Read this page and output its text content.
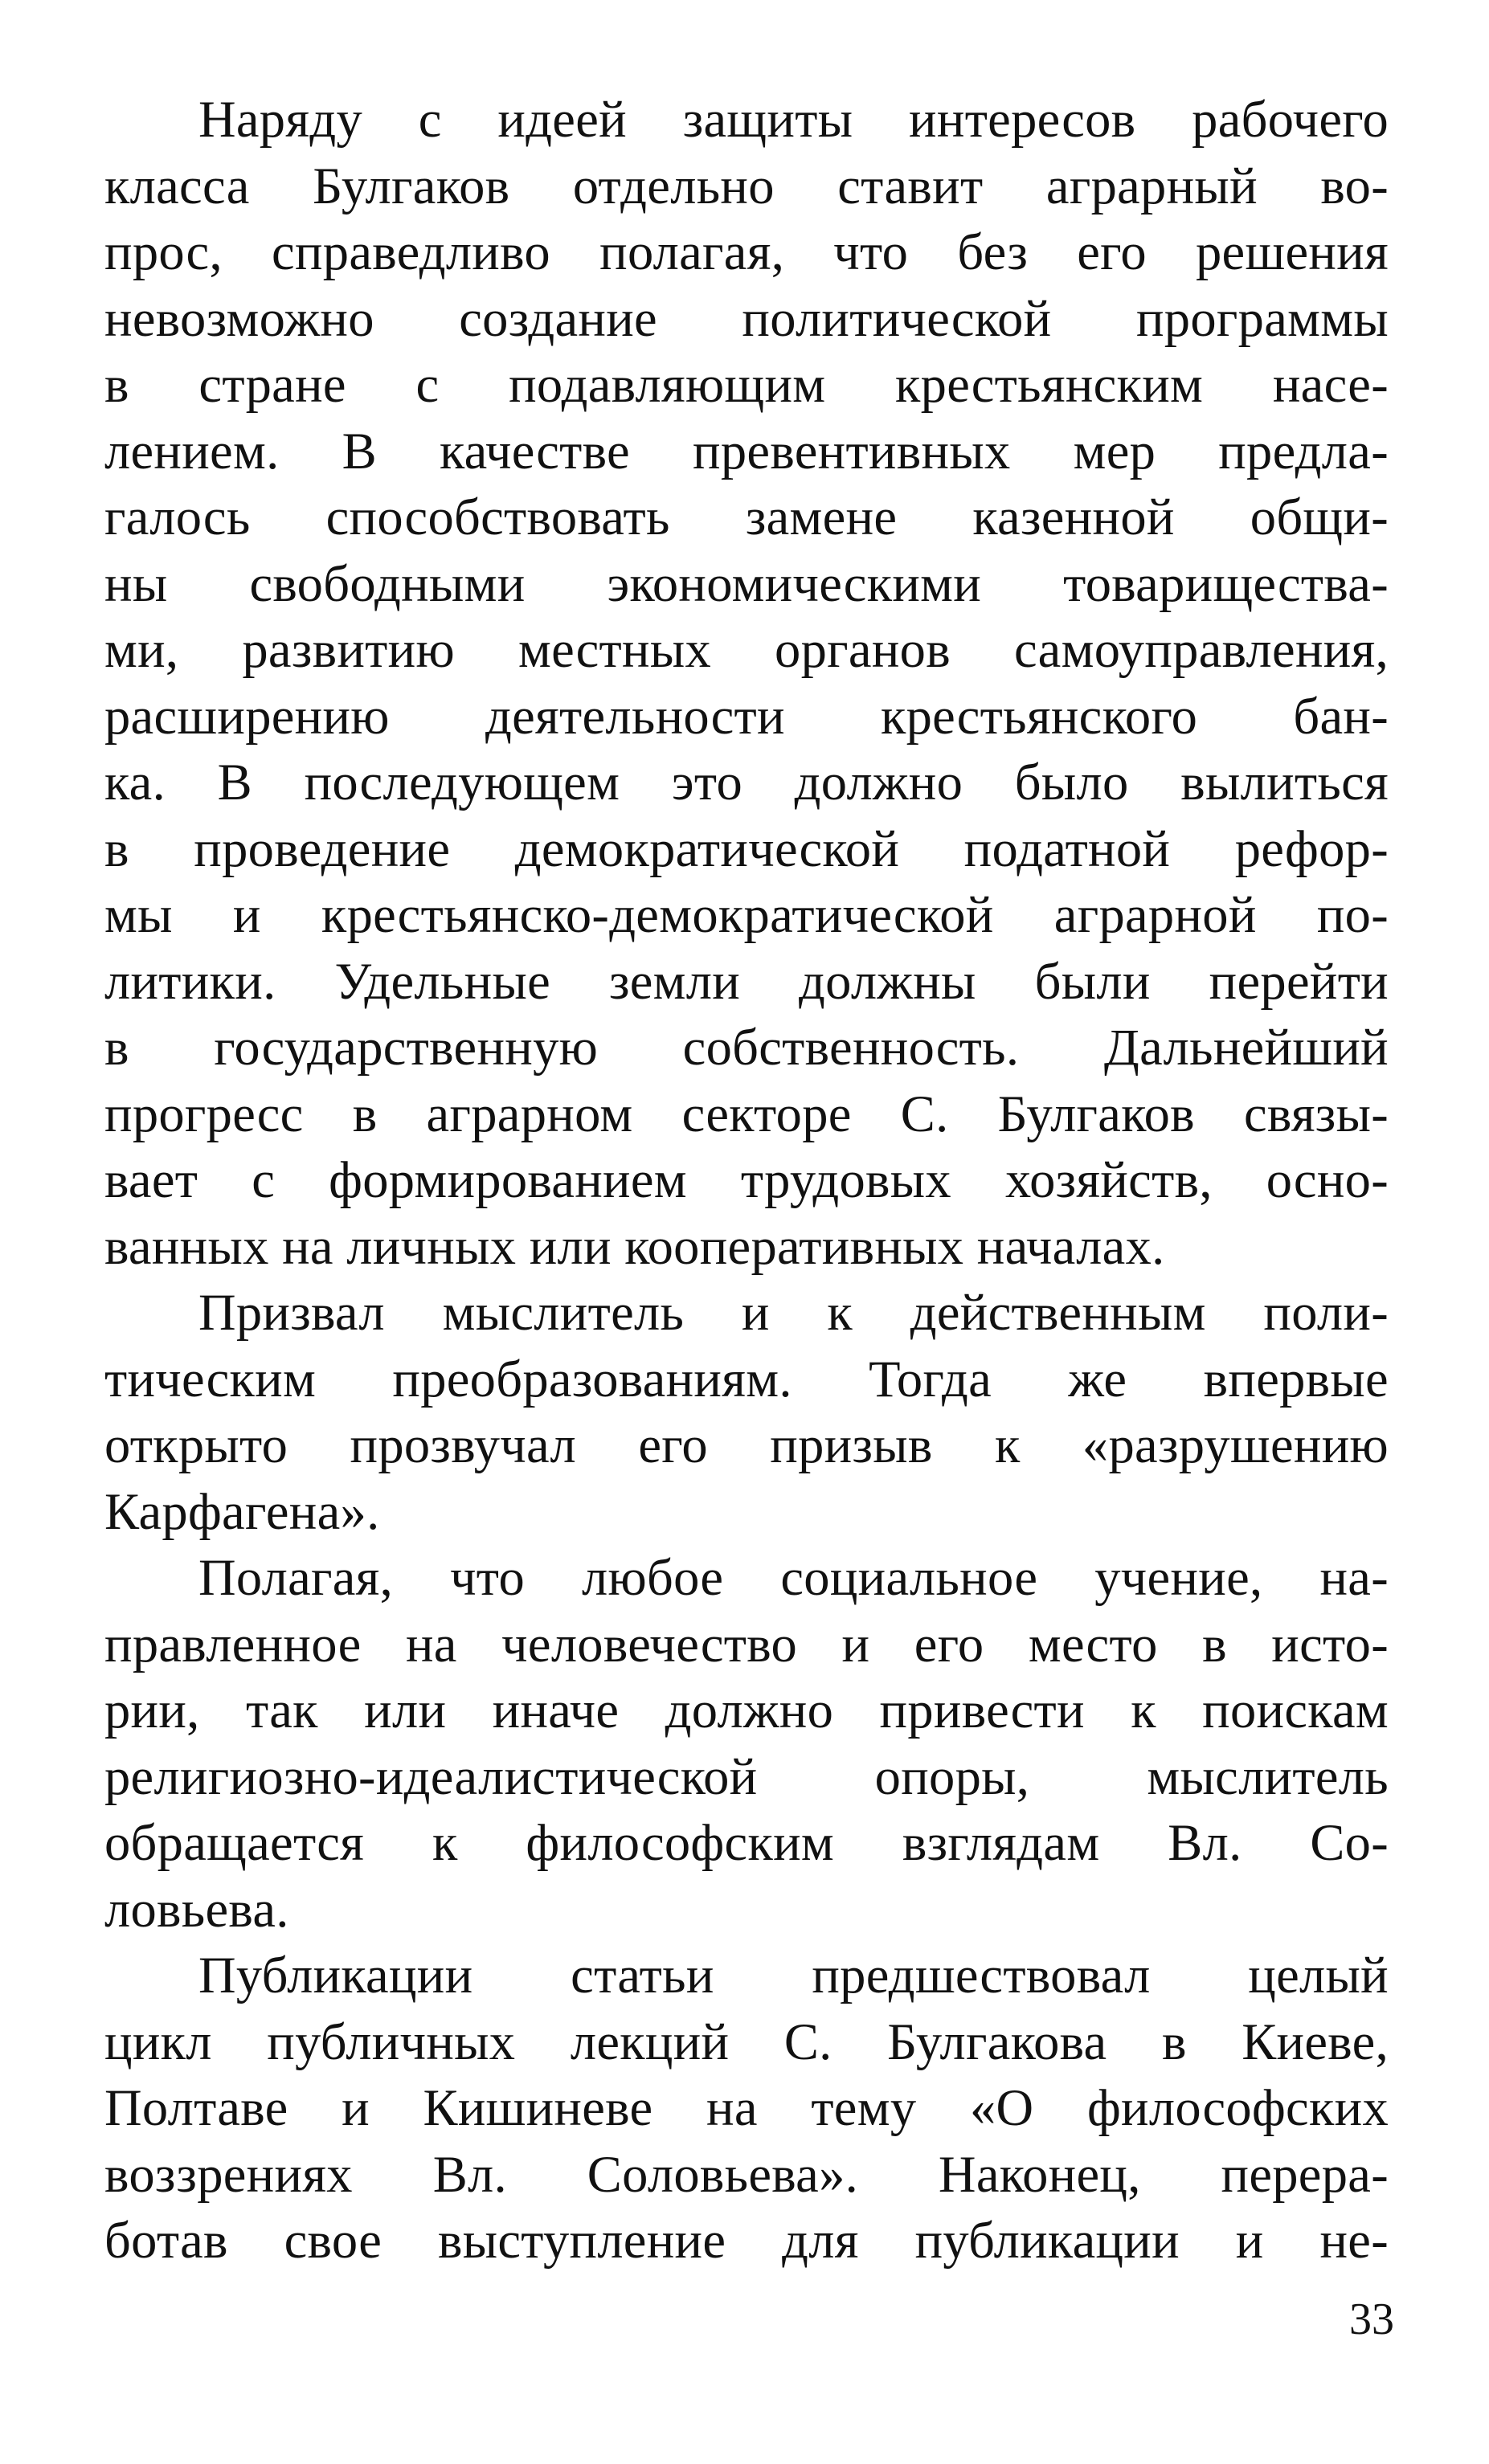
Наряду с идеей защиты интересов рабочего
класса Булгаков отдельно ставит аграрный во-
прос, справедливо полагая, что без его решения
невозможно создание политической программы
в стране с подавляющим крестьянским насе-
лением. В качестве превентивных мер предла-
галось способствовать замене казенной общи-
ны свободными экономическими товарищества-
ми, развитию местных органов самоуправления,
расширению деятельности крестьянского бан-
ка. В последующем это должно было вылиться
в проведение демократической податной рефор-
мы и крестьянско-демократической аграрной по-
литики. Удельные земли должны были перейти
в государственную собственность. Дальнейший
прогресс в аграрном секторе С. Булгаков связы-
вает с формированием трудовых хозяйств, осно-
ванных на личных или кооперативных началах.
Призвал мыслитель и к действенным поли-
тическим преобразованиям. Тогда же впервые
открыто прозвучал его призыв к «разрушению
Карфагена».
Полагая, что любое социальное учение, на-
правленное на человечество и его место в исто-
рии, так или иначе должно привести к поискам
религиозно-идеалистической опоры, мыслитель
обращается к философским взглядам Вл. Со-
ловьева.
Публикации статьи предшествовал целый
цикл публичных лекций С. Булгакова в Киеве,
Полтаве и Кишиневе на тему «О философских
воззрениях Вл. Соловьева». Наконец, перера-
ботав свое выступление для публикации и не-
33
